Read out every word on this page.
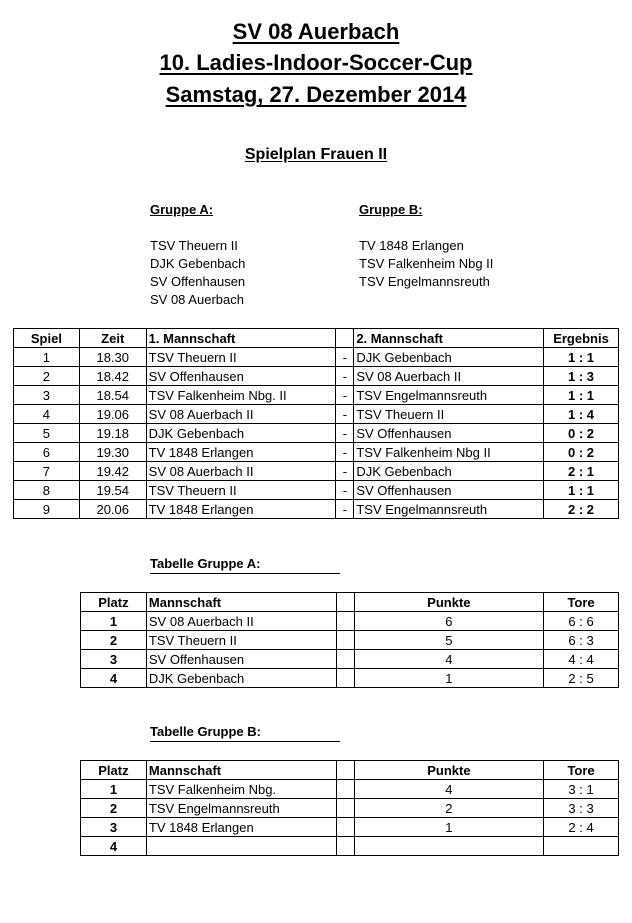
SV 08 Auerbach
10. Ladies-Indoor-Soccer-Cup
Samstag, 27. Dezember 2014
Spielplan Frauen II
Gruppe A:
TSV Theuern II
DJK Gebenbach
SV Offenhausen
SV 08 Auerbach
Gruppe B:
TV 1848 Erlangen
TSV Falkenheim Nbg II
TSV Engelmannsreuth
Spiel	Zeit	1. Mannschaft		2. Mannschaft	Ergebnis
1	18.30	TSV Theuern II	-	DJK Gebenbach	1 : 1
2	18.42	SV Offenhausen	-	SV 08 Auerbach II	1 : 3
3	18.54	TSV Falkenheim Nbg. II	-	TSV Engelmannsreuth	1 : 1
4	19.06	SV 08 Auerbach II	-	TSV Theuern II	1 : 4
5	19.18	DJK Gebenbach	-	SV Offenhausen	0 : 2
6	19.30	TV 1848 Erlangen	-	TSV Falkenheim Nbg II	0 : 2
7	19.42	SV 08 Auerbach II	-	DJK Gebenbach	2 : 1
8	19.54	TSV Theuern II	-	SV Offenhausen	1 : 1
9	20.06	TV 1848 Erlangen	-	TSV Engelmannsreuth	2 : 2
Tabelle Gruppe A:
Platz	Mannschaft		Punkte	Tore
1	SV 08 Auerbach II		6	6 : 6
2	TSV Theuern II		5	6 : 3
3	SV Offenhausen		4	4 : 4
4	DJK Gebenbach		1	2 : 5
Tabelle Gruppe B:
Platz	Mannschaft		Punkte	Tore
1	TSV Falkenheim Nbg.		4	3 : 1
2	TSV Engelmannsreuth		2	3 : 3
3	TV 1848 Erlangen		1	2 : 4
4				
